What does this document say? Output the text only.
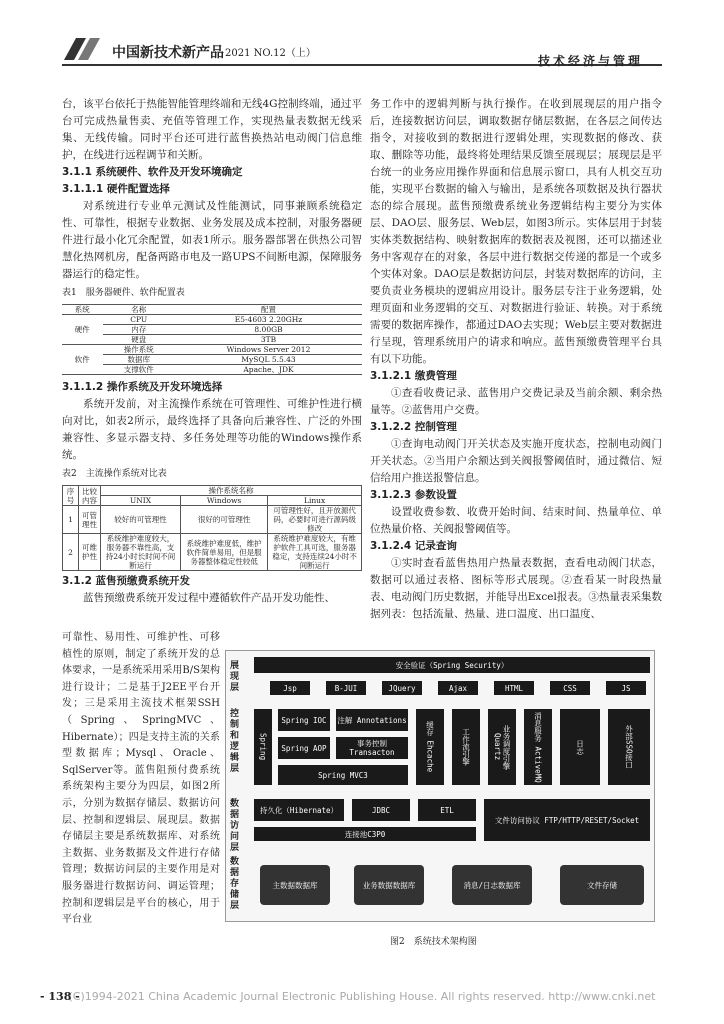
中国新技术新产品 2021 NO.12（上）
技术经济与管理

台，该平台依托于热能智能管理终端和无线4G控制终端，通过平台可完成热量售卖、充值等管理工作，实现热量表数据无线采集、无线传输。同时平台还可进行蓝售换热站电动阀门信息维护，在线进行远程调节和关断。

3.1.1 系统硬件、软件及开发环境确定

3.1.1.1 硬件配置选择

对系统进行专业单元测试及性能测试，同事兼顾系统稳定性、可靠性，根据专业数据、业务发展及成本控制，对服务器硬件进行最小化冗余配置，如表1所示。服务器部署在供热公司智慧化热网机房，配备两路市电及一路UPS不间断电源，保障服务器运行的稳定性。

表1　服务器硬件、软件配置表

系统	名称	配置
硬件	CPU	E5-4603 2.20GHz
	内存	8.00GB
	硬盘	3TB
软件	操作系统	Windows Server 2012
	数据库	MySQL 5.5.43
	支撑软件	Apache、JDK

3.1.1.2 操作系统及开发环境选择

系统开发前，对主流操作系统在可管理性、可维护性进行横向对比，如表2所示，最终选择了具备向后兼容性、广泛的外围兼容性、多显示器支持、多任务处理等功能的Windows操作系统。

表2　主流操作系统对比表

序号	比较内容	操作系统名称		
		UNIX	Windows	Linux
1	可管理性	较好的可管理性	很好的可管理性	可管理性好，且开放源代码，必要时可进行源码级修改
2	可维护性	系统维护难度较大，服务器不靠性高，支持24小时长时间不间断运行	系统维护难度低，维护软件简单易用，但是服务器整体稳定性较低	系统维护难度较大，有维护软件工具可选，服务器稳定，支持连续24小时不间断运行

3.1.2 蓝售预缴费系统开发

蓝售预缴费系统开发过程中遵循软件产品开发功能性、

可靠性、易用性、可维护性、可移植性的原则，制定了系统开发的总体要求，一是系统采用采用B/S架构进行设计；二是基于J2EE平台开发；三是采用主流技术框架SSH（Spring、SpringMVC、Hibernate）；四是支持主流的关系型数据库；Mysql、Oracle、SqlServer等。蓝售阻预付费系统系统架构主要分为四层，如图2所示，分别为数据存储层、数据访问层、控制和逻辑层、展现层。数据存储层主要是系统数据库、对系统主数据、业务数据及文件进行存储管理；数据访问层的主要作用是对服务器进行数据访问、调运管理；控制和逻辑层是平台的核心，用于平台业

务工作中的逻辑判断与执行操作。在收到展现层的用户指令后，连接数据访问层，调取数据存储层数据，在各层之间传达指令，对接收到的数据进行逻辑处理，实现数据的修改、获取、删除等功能，最终将处理结果反馈至展现层；展现层是平台统一的业务应用操作界面和信息展示窗口，具有人机交互功能，实现平台数据的输入与输出，是系统各项数据及执行器状态的综合展现。蓝售预缴费系统业务逻辑结构主要分为实体层、DAO层、服务层、Web层，如图3所示。实体层用于封装实体类数据结构、映射数据库的数据表及视图，还可以描述业务中客观存在的对象，各层中进行数据交传递的都是一个或多个实体对象。DAO层是数据访问层，封装对数据库的访问，主要负责业务模块的逻辑应用设计。服务层专注于业务逻辑，处理页面和业务逻辑的交互、对数据进行验证、转换。对于系统需要的数据库操作，都通过DAO去实现；Web层主要对数据进行呈现，管理系统用户的请求和响应。蓝售预缴费管理平台具有以下功能。

3.1.2.1 缴费管理

①查看收费记录、蓝售用户交费记录及当前余额、剩余热量等。②蓝售用户交费。

3.1.2.2 控制管理

①查询电动阀门开关状态及实施开度状态，控制电动阀门开关状态。②当用户余额达到关阀报警阈值时，通过微信、短信给用户推送报警信息。

3.1.2.3 参数设置

设置收费参数、收费开始时间、结束时间、热量单位、单位热量价格、关阀报警阈值等。

3.1.2.4 记录查询

①实时查看蓝售热用户热量表数据，查看电动阀门状态，数据可以通过表格、图标等形式展现。②查看某一时段热量表、电动阀门历史数据，并能导出Excel报表。③热量表采集数据列表：包括流量、热量、进口温度、出口温度、

展现层
安全验证（Spring Security）
Jsp	B-JUI	JQuery	Ajax	HTML	CSS	JS
控制和逻辑层
Spring
Spring IOC	注解 Annotations
Spring AOP	事务控制 Transacton
Spring MVC3
缓存 Ehcache	工作流引擎	业务调度引擎 Quartz	消息服务 ActiveMQ	日志	外部SSO接口
数据访问层
持久化（Hibernate）	JDBC	ETL
连接池C3P0
文件访问协议 FTP/HTTP/RESET/Socket
数据存储层
主数据数据库	业务数据数据库	消息/日志数据库	文件存储
图2　系统技术架构图
(C)1994-2021 China Academic Journal Electronic Publishing House. All rights reserved. http://www.cnki.net
- 138 -
